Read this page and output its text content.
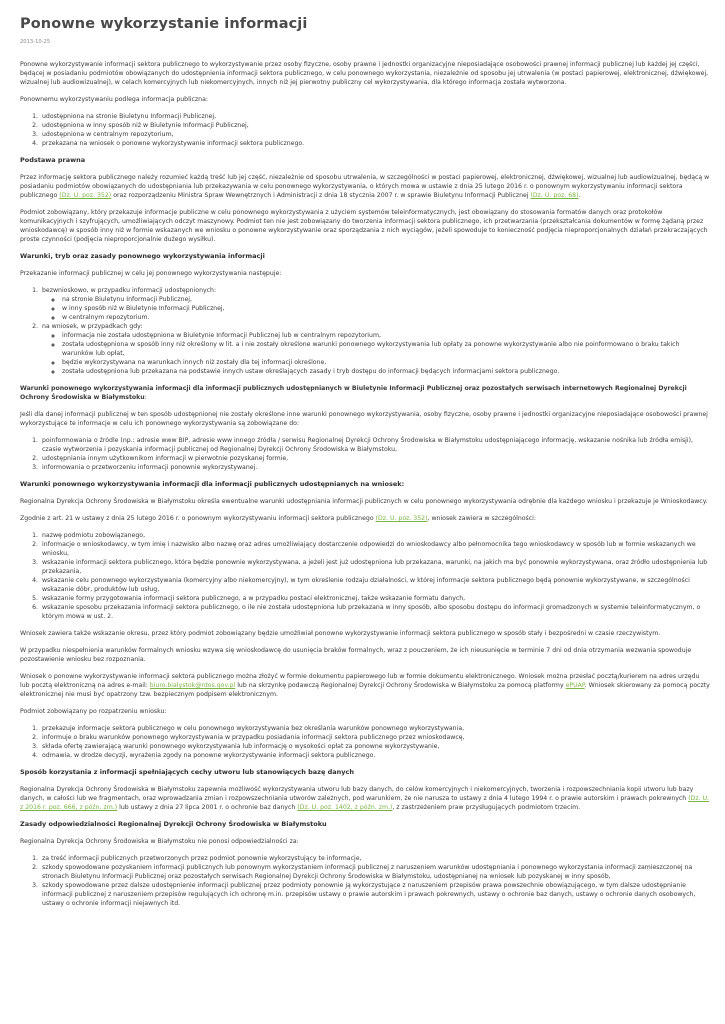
Ponowne wykorzystanie informacji
2013-10-25

Ponowne wykorzystywanie informacji sektora publicznego to wykorzystywanie przez osoby fizyczne, osoby prawne i jednostki organizacyjne nieposiadające osobowości prawnej informacji publicznej lub każdej jej części, będącej w posiadaniu podmiotów obowiązanych do udostępnienia informacji sektora publicznego, w celu ponownego wykorzystania, niezależnie od sposobu jej utrwalenia (w postaci papierowej, elektronicznej, dźwiękowej, wizualnej lub audiowizualnej), w celach komercyjnych lub niekomercyjnych, innych niż jej pierwotny publiczny cel wykorzystywania, dla którego informacja została wytworzona.

Ponownemu wykorzystywaniu podlega informacja publiczna:

1. udostępniona na stronie Biuletynu Informacji Publicznej,
2. udostępniona w inny sposób niż w Biuletynie Informacji Publicznej,
3. udostępniona w centralnym repozytorium,
4. przekazana na wniosek o ponowne wykorzystywanie informacji sektora publicznego.
Podstawa prawna

Przez informację sektora publicznego należy rozumieć każdą treść lub jej część, niezależnie od sposobu utrwalenia, w szczególności w postaci papierowej, elektronicznej, dźwiękowej, wizualnej lub audiowizualnej, będącą w posiadaniu podmiotów obowiązanych do udostępniania lub przekazywania w celu ponownego wykorzystywania, o których mowa w ustawie z dnia 25 lutego 2016 r. o ponownym wykorzystywaniu informacji sektora publicznego (Dz. U. poz. 352) oraz rozporządzeniu Ministra Spraw Wewnętrznych i Administracji z dnia 18 stycznia 2007 r. w sprawie Biuletynu Informacji Publicznej (Dz. U. poz. 68).

Podmiot zobowiązany, który przekazuje informacje publiczne w celu ponownego wykorzystywania z użyciem systemów teleinformatycznych, jest obowiązany do stosowania formatów danych oraz protokołów komunikacyjnych i szyfrujących, umożliwiających odczyt maszynowy. Podmiot ten nie jest zobowiązany do tworzenia informacji sektora publicznego, ich przetwarzania (przekształcania dokumentów w formę żądaną przez wnioskodawcę) w sposób inny niż w formie wskazanych we wniosku o ponowne wykorzystywanie oraz sporządzania z nich wyciągów, jeżeli spowoduje to konieczność podjęcia nieproporcjonalnych działań przekraczających proste czynności (podjęcia nieproporcjonalnie dużego wysiłku).

Warunki, tryb oraz zasady ponownego wykorzystywania informacji

Przekazanie informacji publicznej w celu jej ponownego wykorzystywania następuje:

1. bezwnioskowo, w przypadku informacji udostępnionych:
◦ na stronie Biuletynu Informacji Publicznej,
◦ w inny sposób niż w Biuletynie Informacji Publicznej,
◦ w centralnym repozytorium.
2. na wniosek, w przypadkach gdy:
◦ informacja nie została udostępniona w Biuletynie Informacji Publicznej lub w centralnym repozytorium,
◦ została udostępniona w sposób inny niż określony w lit. a i nie zostały określone warunki ponownego wykorzystywania lub opłaty za ponowne wykorzystywanie albo nie poinformowano o braku takich warunków lub opłat,
◦ będzie wykorzystywana na warunkach innych niż zostały dla tej informacji określone,
◦ została udostępniona lub przekazana na podstawie innych ustaw określających zasady i tryb dostępu do informacji będących informacjami sektora publicznego.

Warunki ponownego wykorzystywania informacji dla informacji publicznych udostępnianych w Biuletynie Informacji Publicznej oraz pozostałych serwisach internetowych Regionalnej Dyrekcji Ochrony Środowiska w Białymstoku:

Jeśli dla danej informacji publicznej w ten sposób udostępnionej nie zostały określone inne warunki ponownego wykorzystywania, osoby fizyczne, osoby prawne i jednostki organizacyjne nieposiadające osobowości prawnej wykorzystujące te informacje w celu ich ponownego wykorzystywania są zobowiązane do:

1. poinformowania o źródle (np.: adresie www BIP, adresie www innego źródła / serwisu Regionalnej Dyrekcji Ochrony Środowiska w Białymstoku udostępniającego informację, wskazanie nośnika lub źródła emisji), czasie wytworzenia i pozyskania informacji publicznej od Regionalnej Dyrekcji Ochrony Środowiska w Białymstoku,
2. udostępniania innym użytkownikom informacji w pierwotnie pozyskanej formie,
3. informowania o przetworzeniu informacji ponownie wykorzystywanej.
Warunki ponownego wykorzystywania informacji dla informacji publicznych udostępnianych na wniosek:

Regionalna Dyrekcja Ochrony Środowiska w Białymstoku określa ewentualne warunki udostępniania informacji publicznych w celu ponownego wykorzystywania odrębnie dla każdego wniosku i przekazuje je Wnioskodawcy.

Zgodnie z art. 21 w ustawy z dnia 25 lutego 2016 r. o ponownym wykorzystywaniu informacji sektora publicznego (Dz. U. poz. 352), wniosek zawiera w szczególności:

1. nazwę podmiotu zobowiązanego,
2. informacje o wnioskodawcy, w tym imię i nazwisko albo nazwę oraz adres umożliwiający dostarczenie odpowiedzi do wnioskodawcy albo pełnomocnika tego wnioskodawcy w sposób lub w formie wskazanych we wniosku,
3. wskazanie informacji sektora publicznego, która będzie ponownie wykorzystywana, a jeżeli jest już udostępniona lub przekazana, warunki, na jakich ma być ponownie wykorzystywana, oraz źródło udostępnienia lub przekazania,
4. wskazanie celu ponownego wykorzystywania (komercyjny albo niekomercyjny), w tym określenie rodzaju działalności, w której informacje sektora publicznego będą ponownie wykorzystywane, w szczególności wskazanie dóbr, produktów lub usług,
5. wskazanie formy przygotowania informacji sektora publicznego, a w przypadku postaci elektronicznej, także wskazanie formatu danych,
6. wskazanie sposobu przekazania informacji sektora publicznego, o ile nie została udostępniona lub przekazana w inny sposób, albo sposobu dostępu do informacji gromadzonych w systemie teleinformatycznym, o którym mowa w ust. 2.

Wniosek zawiera także wskazanie okresu, przez który podmiot zobowiązany będzie umożliwiał ponowne wykorzystywanie informacji sektora publicznego w sposób stały i bezpośredni w czasie rzeczywistym.

W przypadku niespełnienia warunków formalnych wniosku wzywa się wnioskodawcę do usunięcia braków formalnych, wraz z pouczeniem, że ich nieusunięcie w terminie 7 dni od dnia otrzymania wezwania spowoduje pozostawienie wniosku bez rozpoznania.

Wniosek o ponowne wykorzystywanie informacji sektora publicznego można złożyć w formie dokumentu papierowego lub w formie dokumentu elektronicznego. Wniosek można przesłać pocztą/kurierem na adres urzędu lub pocztą elektroniczną na adres e-mail: biuro.bialystok@rdos.gov.pl lub na skrzynkę podawczą Regionalnej Dyrekcji Ochrony Środowiska w Białymstoku za pomocą platformy ePUAP. Wniosek skierowany za pomocą poczty elektronicznej nie musi być opatrzony tzw. bezpiecznym podpisem elektronicznym.

Podmiot zobowiązany po rozpatrzeniu wniosku:

1. przekazuje informacje sektora publicznego w celu ponownego wykorzystywania bez określania warunków ponownego wykorzystywania,
2. informuje o braku warunków ponownego wykorzystywania w przypadku posiadania informacji sektora publicznego przez wnioskodawcę,
3. składa ofertę zawierającą warunki ponownego wykorzystywania lub informację o wysokości opłat za ponowne wykorzystywanie,
4. odmawia, w drodze decyzji, wyrażenia zgody na ponowne wykorzystywanie informacji sektora publicznego.
Sposób korzystania z informacji spełniających cechy utworu lub stanowiących bazę danych

Regionalna Dyrekcja Ochrony Środowiska w Białymstoku zapewnia możliwość wykorzystywania utworu lub bazy danych, do celów komercyjnych i niekomercyjnych, tworzenia i rozpowszechniania kopii utworu lub bazy danych, w całości lub we fragmentach, oraz wprowadzania zmian i rozpowszechniania utworów zależnych, pod warunkiem, że nie narusza to ustawy z dnia 4 lutego 1994 r. o prawie autorskim i prawach pokrewnych (Dz. U. z 2016 r. poz. 666, z późn. zm.) lub ustawy z dnia 27 lipca 2001 r. o ochronie baz danych (Dz. U. poz. 1402, z późn. zm.), z zastrzeżeniem praw przysługujących podmiotom trzecim.

Zasady odpowiedzialności Regionalnej Dyrekcji Ochrony Środowiska w Białymstoku

Regionalna Dyrekcja Ochrony Środowiska w Białymstoku nie ponosi odpowiedzialności za:

1. za treść informacji publicznych przetworzonych przez podmiot ponownie wykorzystujący te informacje,
2. szkody spowodowane pozyskaniem informacji publicznych lub ponownym wykorzystaniem informacji publicznej z naruszeniem warunków udostępniania i ponownego wykorzystania informacji zamieszczonej na stronach Biuletynu Informacji Publicznej oraz pozostałych serwisach Regionalnej Dyrekcji Ochrony Środowiska w Białymstoku, udostępnianej na wniosek lub pozyskanej w inny sposób,
3. szkody spowodowane przez dalsze udostępnienie informacji publicznej przez podmioty ponownie ją wykorzystujące z naruszeniem przepisów prawa powszechnie obowiązującego, w tym dalsze udostępnianie informacji publicznej z naruszeniem przepisów regulujących ich ochronę m.in. przepisów ustawy o prawie autorskim i prawach pokrewnych, ustawy o ochronie baz danych, ustawy o ochronie danych osobowych, ustawy o ochronie informacji niejawnych itd.
